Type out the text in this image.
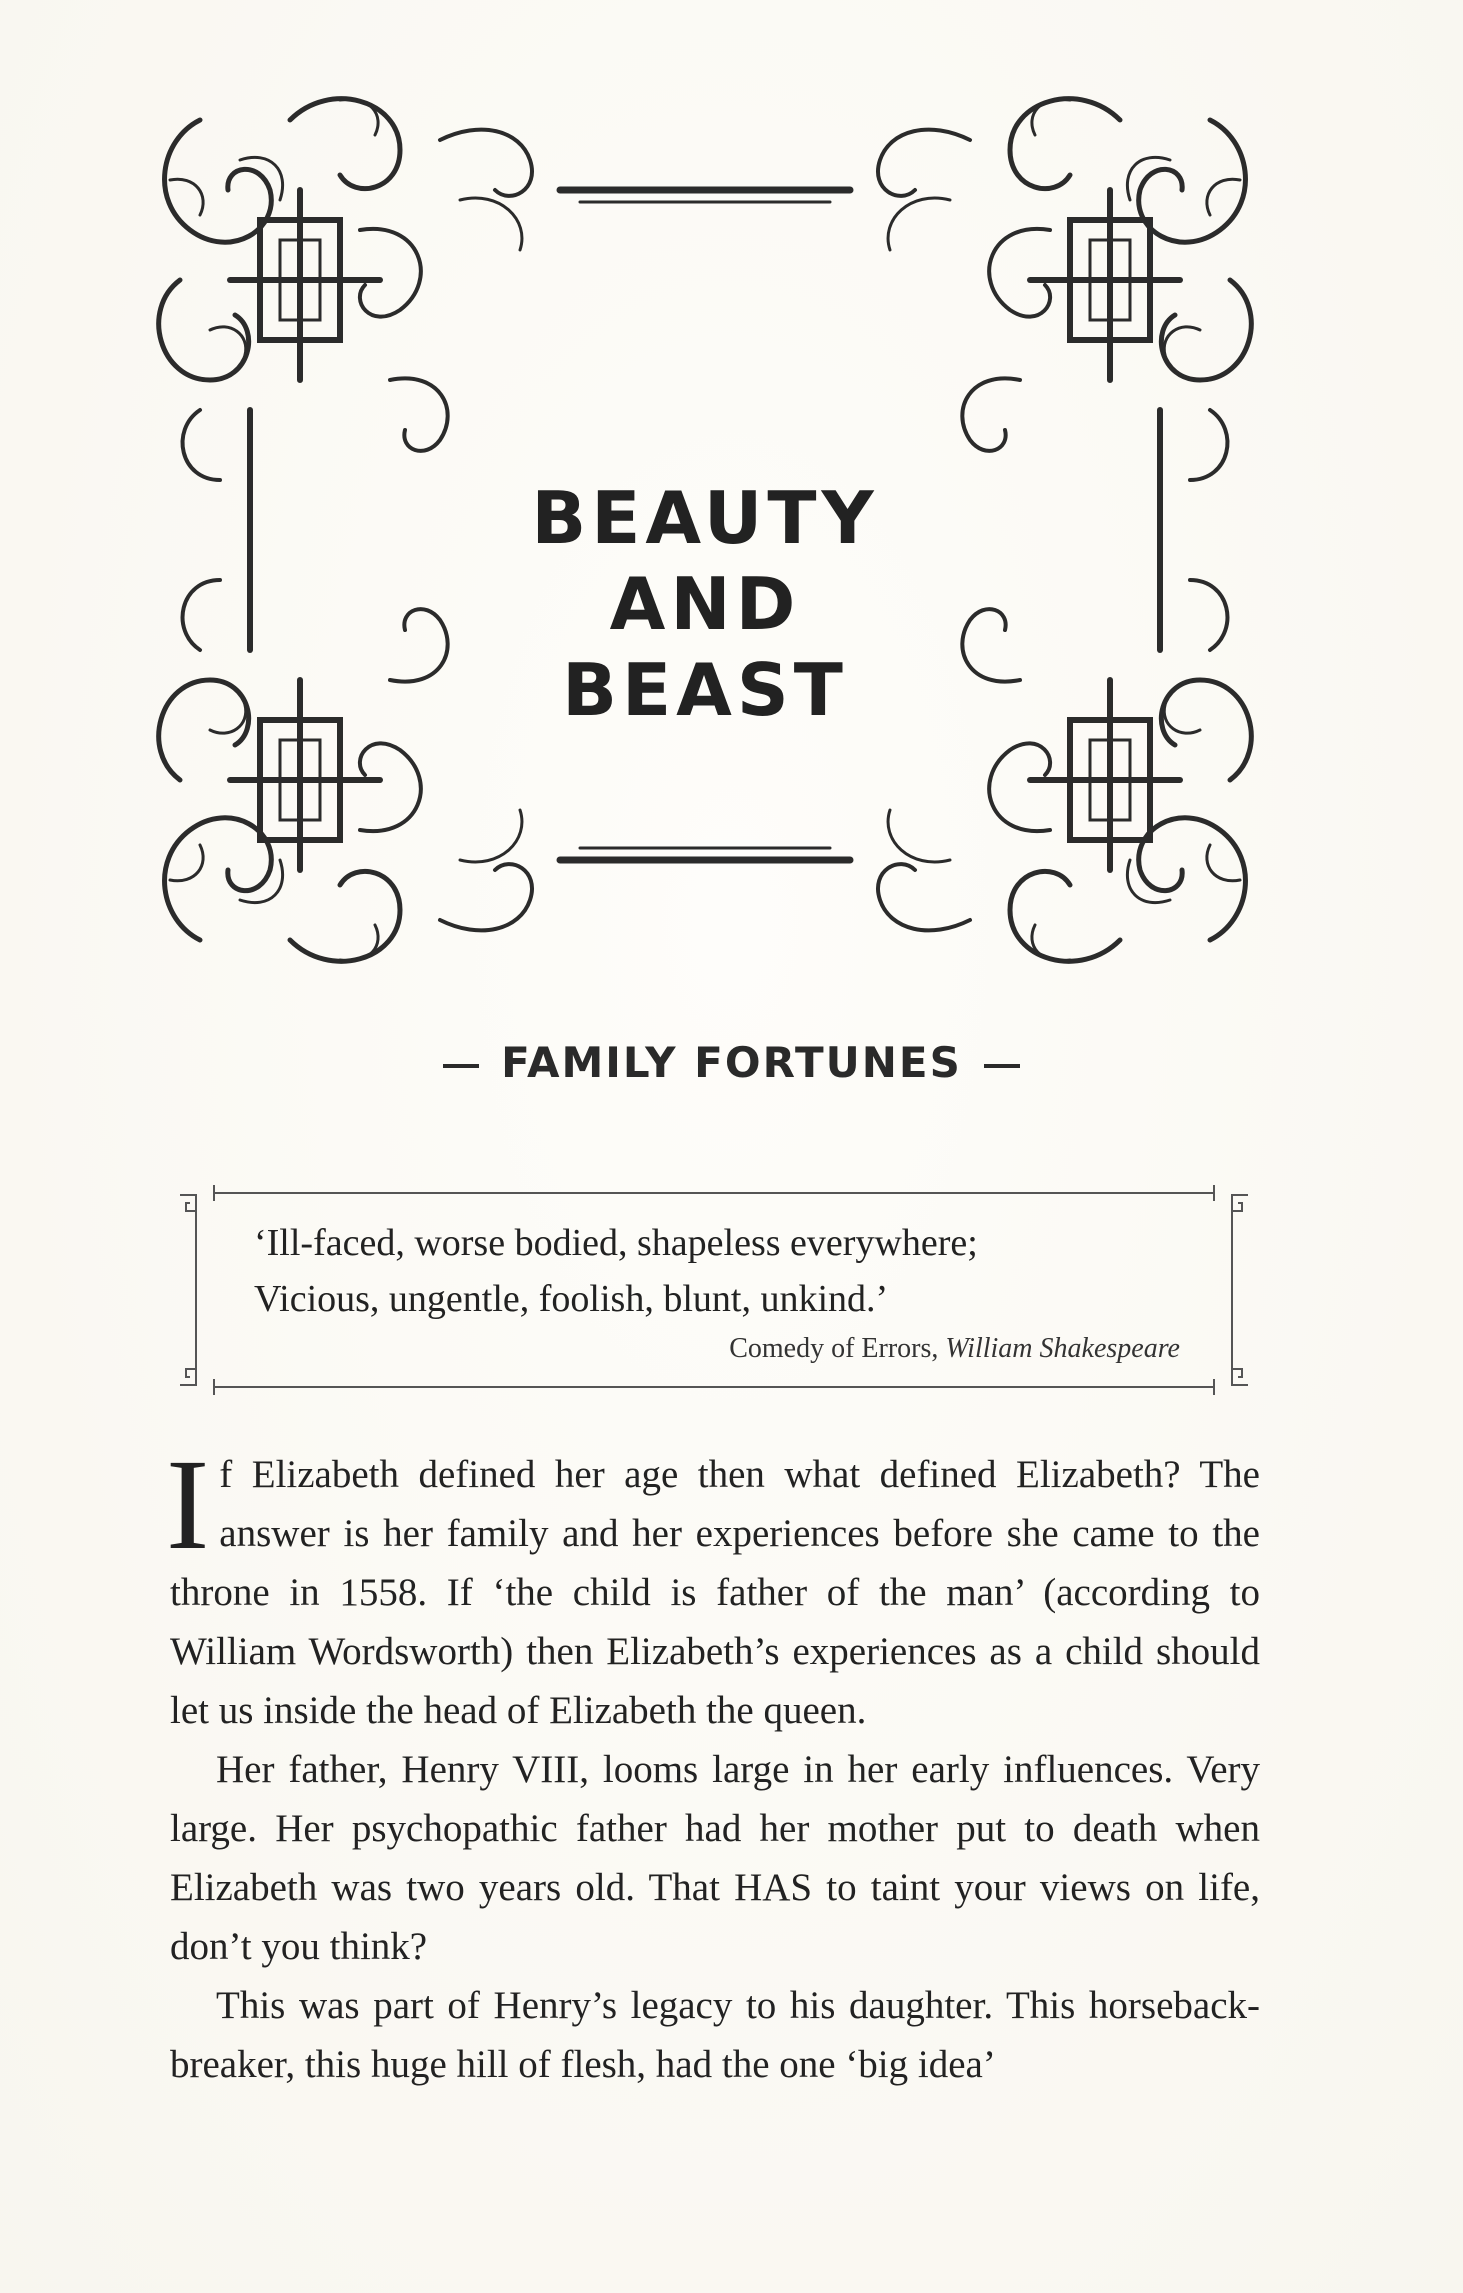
BEAUTY
AND
BEAST
FAMILY FORTUNES
‘Ill-faced, worse bodied, shapeless everywhere;
Vicious, ungentle, foolish, blunt, unkind.’
Comedy of Errors, William Shakespeare

If Elizabeth defined her age then what defined Elizabeth? The answer is her family and her experiences before she came to the throne in 1558. If ‘the child is father of the man’ (according to William Wordsworth) then Elizabeth’s experiences as a child should let us inside the head of Elizabeth the queen.

Her father, Henry VIII, looms large in her early influences. Very large. Her psychopathic father had her mother put to death when Elizabeth was two years old. That HAS to taint your views on life, don’t you think?

This was part of Henry’s legacy to his daughter. This horseback-breaker, this huge hill of flesh, had the one ‘big idea’
